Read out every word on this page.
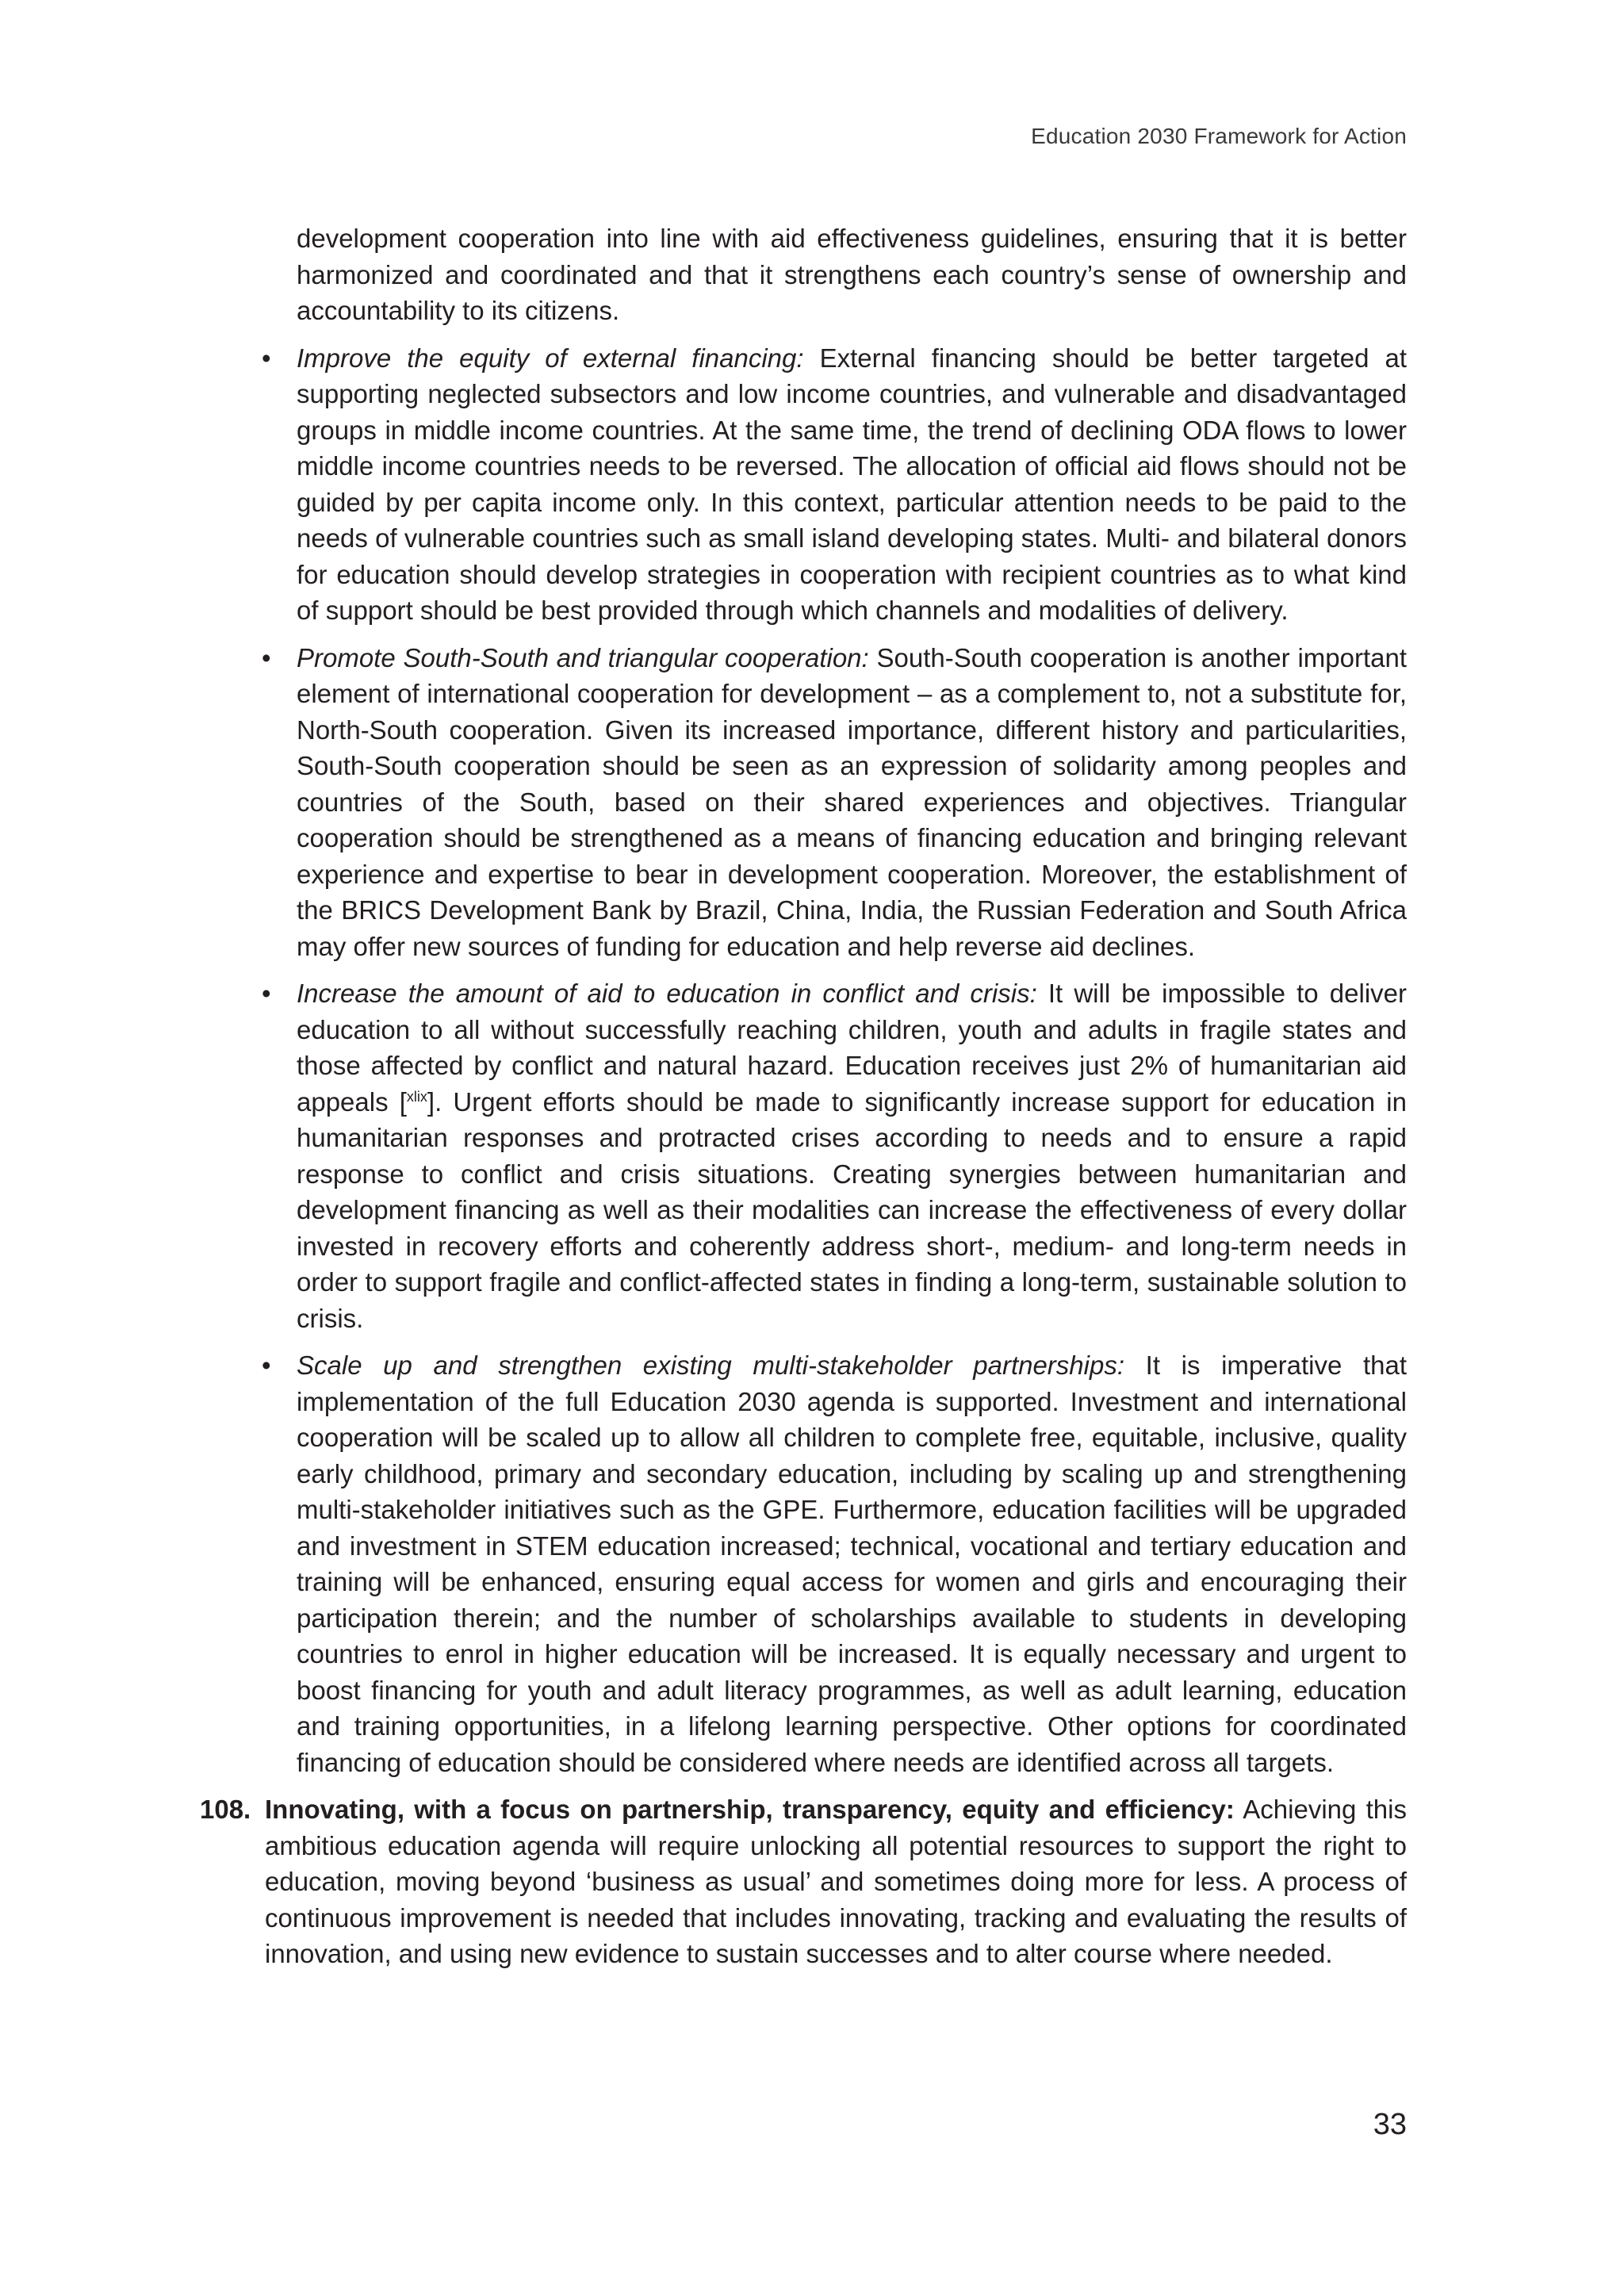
Education 2030 Framework for Action

development cooperation into line with aid effectiveness guidelines, ensuring that it is better harmonized and coordinated and that it strengthens each country’s sense of ownership and accountability to its citizens.

• Improve the equity of external financing: External financing should be better targeted at supporting neglected subsectors and low income countries, and vulnerable and disadvantaged groups in middle income countries. At the same time, the trend of declining ODA flows to lower middle income countries needs to be reversed. The allocation of official aid flows should not be guided by per capita income only. In this context, particular attention needs to be paid to the needs of vulnerable countries such as small island developing states. Multi- and bilateral donors for education should develop strategies in cooperation with recipient countries as to what kind of support should be best provided through which channels and modalities of delivery.

• Promote South-South and triangular cooperation: South-South cooperation is another important element of international cooperation for development – as a complement to, not a substitute for, North-South cooperation. Given its increased importance, different history and particularities, South-South cooperation should be seen as an expression of solidarity among peoples and countries of the South, based on their shared experiences and objectives. Triangular cooperation should be strengthened as a means of financing education and bringing relevant experience and expertise to bear in development cooperation. Moreover, the establishment of the BRICS Development Bank by Brazil, China, India, the Russian Federation and South Africa may offer new sources of funding for education and help reverse aid declines.

• Increase the amount of aid to education in conflict and crisis: It will be impossible to deliver education to all without successfully reaching children, youth and adults in fragile states and those affected by conflict and natural hazard. Education receives just 2% of humanitarian aid appeals [$^{xlix}$]. Urgent efforts should be made to significantly increase support for education in humanitarian responses and protracted crises according to needs and to ensure a rapid response to conflict and crisis situations. Creating synergies between humanitarian and development financing as well as their modalities can increase the effectiveness of every dollar invested in recovery efforts and coherently address short-, medium- and long-term needs in order to support fragile and conflict-affected states in finding a long-term, sustainable solution to crisis.

• Scale up and strengthen existing multi-stakeholder partnerships: It is imperative that implementation of the full Education 2030 agenda is supported. Investment and international cooperation will be scaled up to allow all children to complete free, equitable, inclusive, quality early childhood, primary and secondary education, including by scaling up and strengthening multi-stakeholder initiatives such as the GPE. Furthermore, education facilities will be upgraded and investment in STEM education increased; technical, vocational and tertiary education and training will be enhanced, ensuring equal access for women and girls and encouraging their participation therein; and the number of scholarships available to students in developing countries to enrol in higher education will be increased. It is equally necessary and urgent to boost financing for youth and adult literacy programmes, as well as adult learning, education and training opportunities, in a lifelong learning perspective. Other options for coordinated financing of education should be considered where needs are identified across all targets.

108. Innovating, with a focus on partnership, transparency, equity and efficiency: Achieving this ambitious education agenda will require unlocking all potential resources to support the right to education, moving beyond ‘business as usual’ and sometimes doing more for less. A process of continuous improvement is needed that includes innovating, tracking and evaluating the results of innovation, and using new evidence to sustain successes and to alter course where needed.

33
